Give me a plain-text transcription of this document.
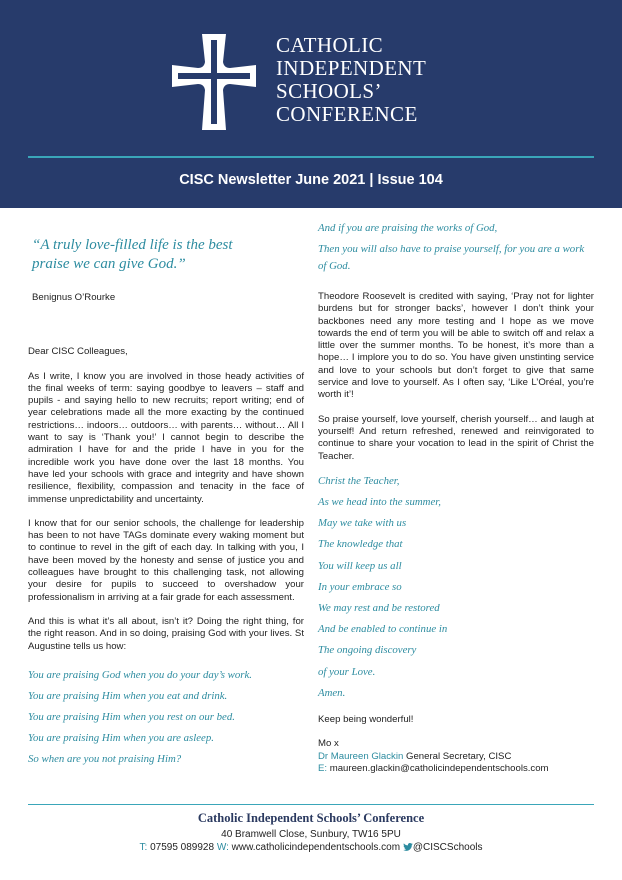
CATHOLIC
INDEPENDENT
SCHOOLS’
CONFERENCE
CISC Newsletter June 2021 | Issue 104
“A truly love-filled life is the best
praise we can give God.”
Benignus O’Rourke

Dear CISC Colleagues,

As I write, I know you are involved in those heady activities of the final weeks of term: saying goodbye to leavers – staff and pupils - and saying hello to new recruits; report writing; end of year celebrations made all the more exacting by the continued restrictions… indoors… outdoors… with parents… without… All I want to say is ‘Thank you!’ I cannot begin to describe the admiration I have for and the pride I have in you for the incredible work you have done over the last 18 months. You have led your schools with grace and integrity and have shown resilience, flexibility, compassion and tenacity in the face of immense unpredictability and uncertainty.

I know that for our senior schools, the challenge for leadership has been to not have TAGs dominate every waking moment but to continue to revel in the gift of each day. In talking with you, I have been moved by the honesty and sense of justice you and colleagues have brought to this challenging task, not allowing your desire for pupils to succeed to overshadow your professionalism in arriving at a fair grade for each assessment.

And this is what it’s all about, isn’t it? Doing the right thing, for the right reason. And in so doing, praising God with your lives. St Augustine tells us how:

You are praising God when you do your day’s work.
You are praising Him when you eat and drink.
You are praising Him when you rest on our bed.
You are praising Him when you are asleep.
So when are you not praising Him?
And if you are praising the works of God,
Then you will also have to praise yourself, for you are a work of God.

Theodore Roosevelt is credited with saying, ‘Pray not for lighter burdens but for stronger backs’, however I don’t think your backbones need any more testing and I hope as we move towards the end of term you will be able to switch off and relax a little over the summer months. To be honest, it’s more than a hope… I implore you to do so. You have given unstinting service and love to your schools but don’t forget to give that same service and love to yourself. As I often say, ‘Like L’Oréal, you’re worth it’!

So praise yourself, love yourself, cherish yourself… and laugh at yourself! And return refreshed, renewed and reinvigorated to continue to share your vocation to lead in the spirit of Christ the Teacher.

Christ the Teacher,
As we head into the summer,
May we take with us
The knowledge that
You will keep us all
In your embrace so
We may rest and be restored
And be enabled to continue in
The ongoing discovery
of your Love.
Amen.
Keep being wonderful!
Mo x
Dr Maureen Glackin General Secretary, CISC
E: maureen.glackin@catholicindependentschools.com
Catholic Independent Schools’ Conference
40 Bramwell Close, Sunbury, TW16 5PU
T: 07595 089928 W: www.catholicindependentschools.com @CISCSchools
